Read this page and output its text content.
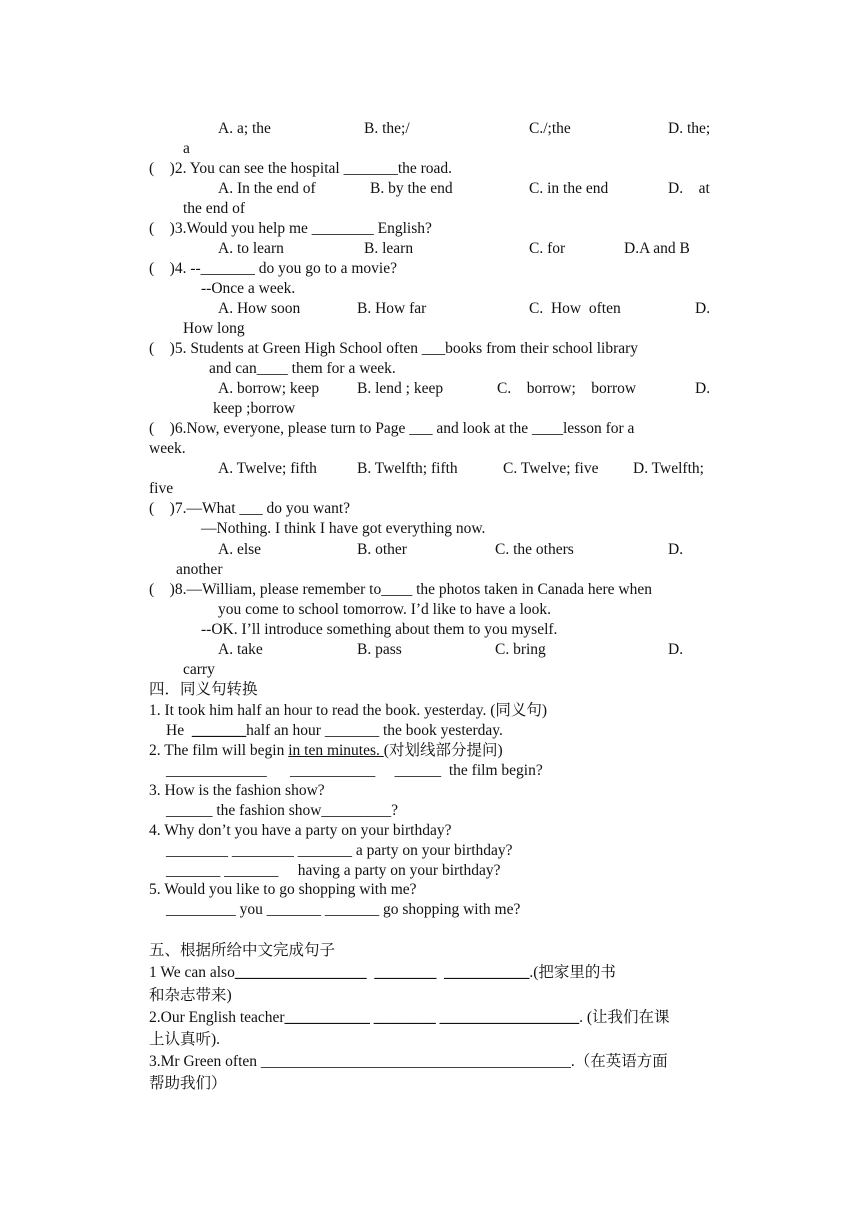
A. a; the	B. the;/	C./;the	D. the;
a
(    )2. You can see the hospital _______the road.
A. In the end of	B. by the end	C. in the end	D.    at
the end of
(    )3.Would you help me ________ English?
A. to learn	B. learn	C. for	D.A and B
(    )4. --_______ do you go to a movie?
--Once a week.
A. How soon	B. How far	C.  How  often	D.
How long
(    )5. Students at Green High School often ___books from their school library
and can____ them for a week.
A. borrow; keep B. lend ; keep	C.    borrow;    borrow	D.
keep ;borrow
(    )6.Now, everyone, please turn to Page ___ and look at the ____lesson for a
week.
A. Twelve; fifth	B. Twelfth; fifth	C. Twelve; five D. Twelfth;
five
(    )7.—What ___ do you want?
—Nothing. I think I have got everything now.
A. else	B. other	C. the others	D.
another
(    )8.—William, please remember to____ the photos taken in Canada here when
you come to school tomorrow. I’d like to have a look.
--OK. I’ll introduce something about them to you myself.
A. take	B. pass	C. bring	D.
carry
四．同义句转换
1. It took him half an hour to read the book. yesterday. (同义句)
He  _______half an hour _______ the book yesterday.
2. The film will begin in ten minutes. (对划线部分提问)
_____________      ___________     ______  the film begin?
3. How is the fashion show?
______ the fashion show_________?
4. Why don’t you have a party on your birthday?
________ ________ _______ a party on your birthday?
_______ _______     having a party on your birthday?
5. Would you like to go shopping with me?
_________ you _______ _______ go shopping with me?
五、根据所给中文完成句子
1 We can also_________________  ________  ___________.(把家里的书
和杂志带来)
2.Our English teacher___________ ________ __________________. (让我们在课
上认真听).
3.Mr Green often ________________________________________.（在英语方面
帮助我们）
